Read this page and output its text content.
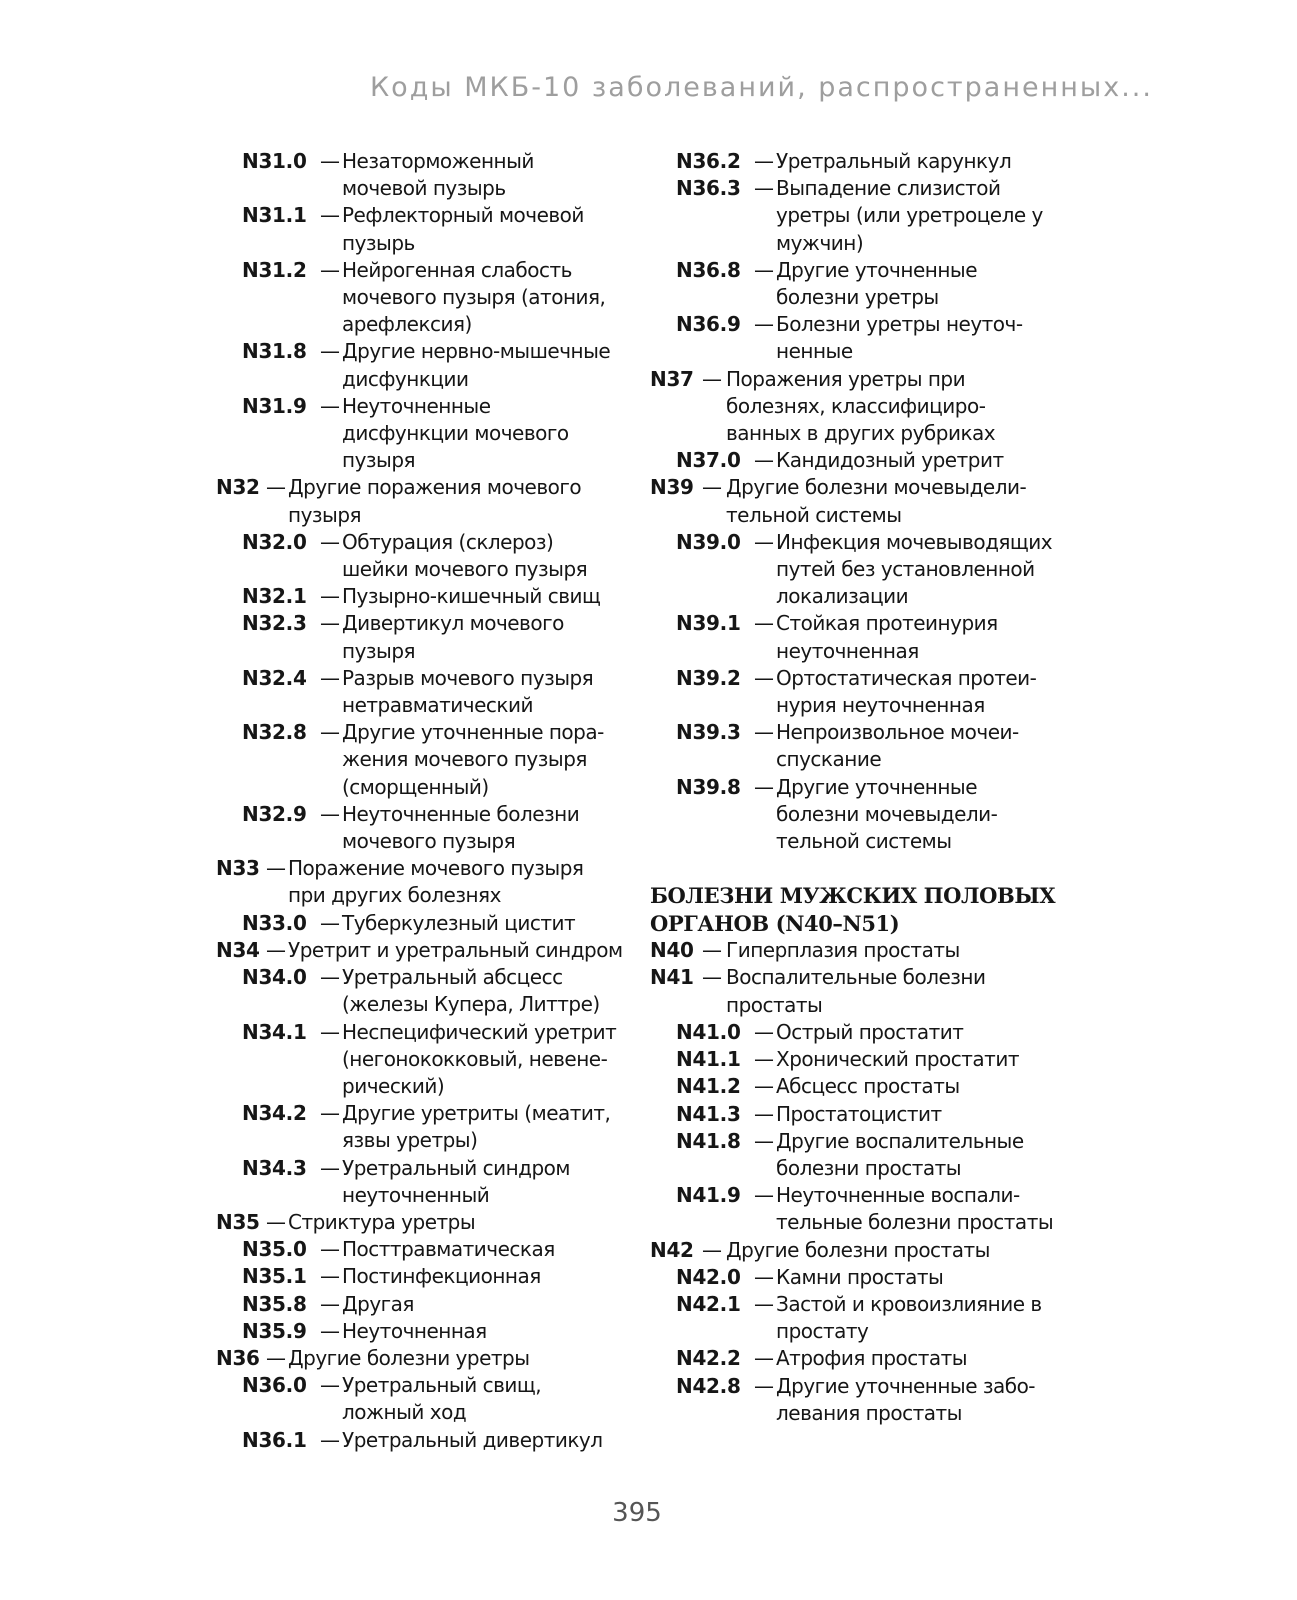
Коды МКБ-10 заболеваний, распространенных...
N31.0 — Незаторможенный
мочевой пузырь
N31.1 — Рефлекторный мочевой
пузырь
N31.2 — Нейрогенная слабость
мочевого пузыря (атония,
арефлексия)
N31.8 — Другие нервно-мышечные
дисфункции
N31.9 — Неуточненные
дисфункции мочевого
пузыря
N32 — Другие поражения мочевого
пузыря
N32.0 — Обтурация (склероз)
шейки мочевого пузыря
N32.1 — Пузырно-кишечный свищ
N32.3 — Дивертикул мочевого
пузыря
N32.4 — Разрыв мочевого пузыря
нетравматический
N32.8 — Другие уточненные пора-
жения мочевого пузыря
(сморщенный)
N32.9 — Неуточненные болезни
мочевого пузыря
N33 — Поражение мочевого пузыря
при других болезнях
N33.0 — Туберкулезный цистит
N34 — Уретрит и уретральный синдром
N34.0 — Уретральный абсцесс
(железы Купера, Литтре)
N34.1 — Неспецифический уретрит
(негонококковый, невене-
рический)
N34.2 — Другие уретриты (меатит,
язвы уретры)
N34.3 — Уретральный синдром
неуточненный
N35 — Стриктура уретры
N35.0 — Посттравматическая
N35.1 — Постинфекционная
N35.8 — Другая
N35.9 — Неуточненная
N36 — Другие болезни уретры
N36.0 — Уретральный свищ,
ложный ход
N36.1 — Уретральный дивертикул
N36.2 — Уретральный карункул
N36.3 — Выпадение слизистой
уретры (или уретроцеле у
мужчин)
N36.8 — Другие уточненные
болезни уретры
N36.9 — Болезни уретры неуточ-
ненные
N37 — Поражения уретры при
болезнях, классифициро-
ванных в других рубриках
N37.0 — Кандидозный уретрит
N39 — Другие болезни мочевыдели-
тельной системы
N39.0 — Инфекция мочевыводящих
путей без установленной
локализации
N39.1 — Стойкая протеинурия
неуточненная
N39.2 — Ортостатическая протеи-
нурия неуточненная
N39.3 — Непроизвольное мочеи-
спускание
N39.8 — Другие уточненные
болезни мочевыдели-
тельной системы
БОЛЕЗНИ МУЖСКИХ ПОЛОВЫХ
ОРГАНОВ (N40–N51)
N40 — Гиперплазия простаты
N41 — Воспалительные болезни
простаты
N41.0 — Острый простатит
N41.1 — Хронический простатит
N41.2 — Абсцесс простаты
N41.3 — Простатоцистит
N41.8 — Другие воспалительные
болезни простаты
N41.9 — Неуточненные воспали-
тельные болезни простаты
N42 — Другие болезни простаты
N42.0 — Камни простаты
N42.1 — Застой и кровоизлияние в
простату
N42.2 — Атрофия простаты
N42.8 — Другие уточненные забо-
левания простаты
395
